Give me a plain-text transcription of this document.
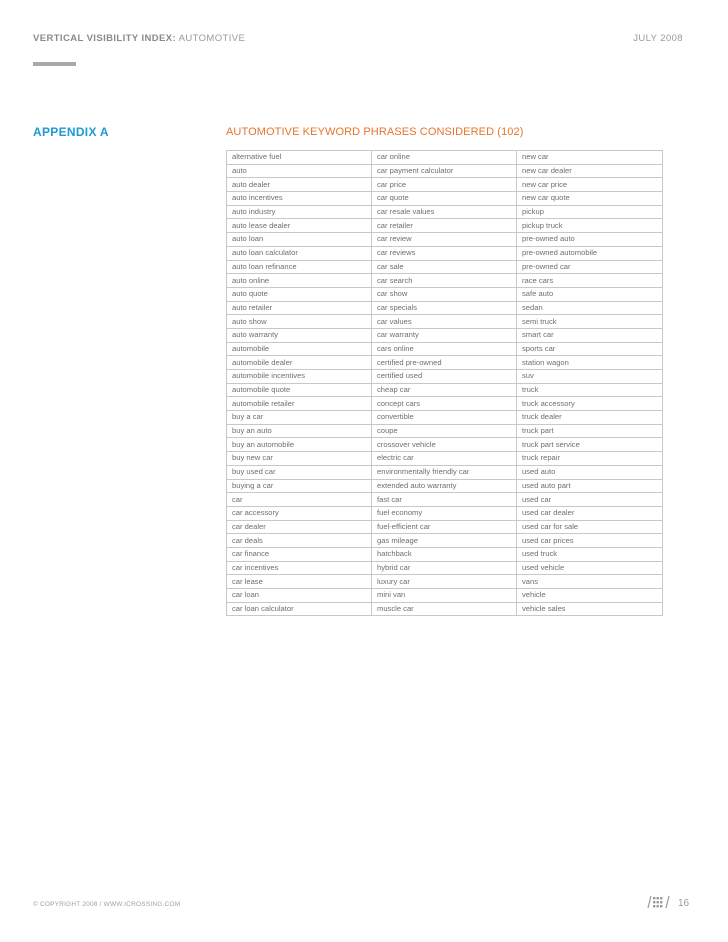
VERTICAL VISIBILITY INDEX: AUTOMOTIVE	JULY 2008
APPENDIX A	AUTOMOTIVE KEYWORD PHRASES CONSIDERED (102)
alternative fuel	car online	new car
auto	car payment calculator	new car dealer
auto dealer	car price	new car price
auto incentives	car quote	new car quote
auto industry	car resale values	pickup
auto lease dealer	car retailer	pickup truck
auto loan	car review	pre-owned auto
auto loan calculator	car reviews	pre-owned automobile
auto loan refinance	car sale	pre-owned car
auto online	car search	race cars
auto quote	car show	safe auto
auto retailer	car specials	sedan
auto show	car values	semi truck
auto warranty	car warranty	smart car
automobile	cars online	sports car
automobile dealer	certified pre-owned	station wagon
automobile incentives	certified used	suv
automobile quote	cheap car	truck
automobile retailer	concept cars	truck accessory
buy a car	convertible	truck dealer
buy an auto	coupe	truck part
buy an automobile	crossover vehicle	truck part service
buy new car	electric car	truck repair
buy used car	environmentally friendly car	used auto
buying a car	extended auto warranty	used auto part
car	fast car	used car
car accessory	fuel economy	used car dealer
car dealer	fuel-efficient car	used car for sale
car deals	gas mileage	used car prices
car finance	hatchback	used truck
car incentives	hybrid car	used vehicle
car lease	luxury car	vans
car loan	mini van	vehicle
car loan calculator	muscle car	vehicle sales
© COPYRIGHT 2008 / WWW.ICROSSING.COM	16
